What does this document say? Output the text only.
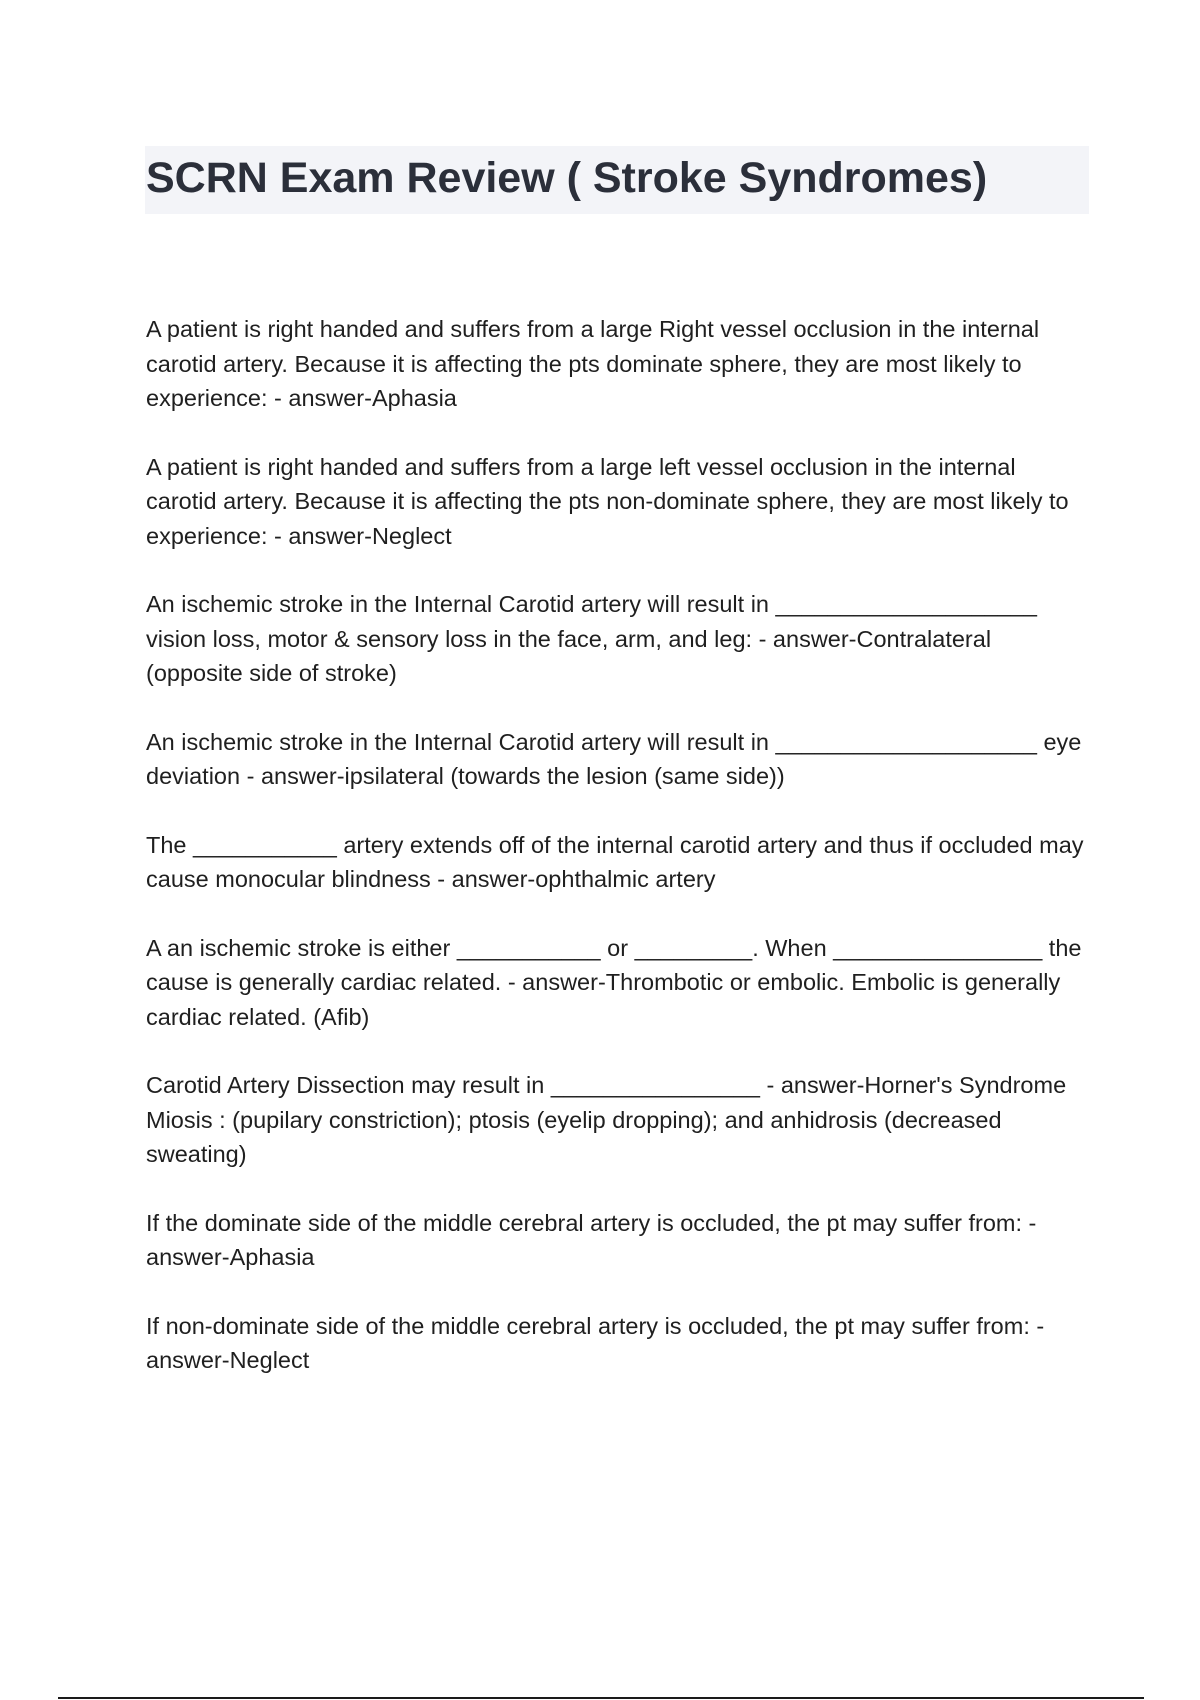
SCRN Exam Review ( Stroke Syndromes)

A patient is right handed and suffers from a large Right vessel occlusion in the internal carotid artery. Because it is affecting the pts dominate sphere, they are most likely to experience: - answer-Aphasia

A patient is right handed and suffers from a large left vessel occlusion in the internal carotid artery. Because it is affecting the pts non-dominate sphere, they are most likely to experience: - answer-Neglect

An ischemic stroke in the Internal Carotid artery will result in ____________________ vision loss, motor & sensory loss in the face, arm, and leg: - answer-Contralateral (opposite side of stroke)

An ischemic stroke in the Internal Carotid artery will result in ____________________ eye deviation - answer-ipsilateral (towards the lesion (same side))

The ___________ artery extends off of the internal carotid artery and thus if occluded may cause monocular blindness - answer-ophthalmic artery

A an ischemic stroke is either ___________ or _________. When ________________ the cause is generally cardiac related. - answer-Thrombotic or embolic. Embolic is generally cardiac related. (Afib)

Carotid Artery Dissection may result in ________________ - answer-Horner's Syndrome Miosis : (pupilary constriction); ptosis (eyelip dropping); and anhidrosis (decreased sweating)

If the dominate side of the middle cerebral artery is occluded, the pt may suffer from: - answer-Aphasia

If non-dominate side of the middle cerebral artery is occluded, the pt may suffer from: - answer-Neglect
